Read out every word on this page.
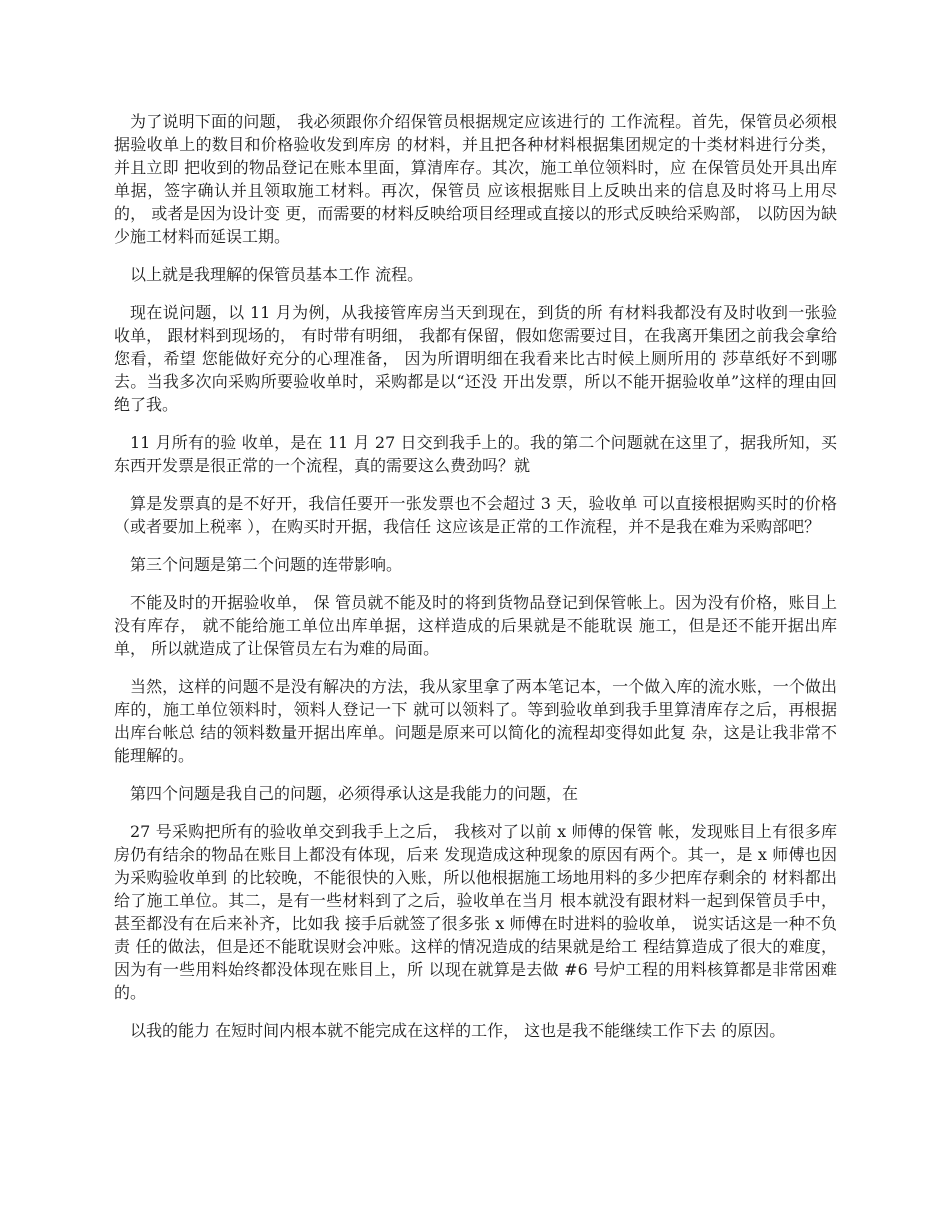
为了说明下面的问题， 我必须跟你介绍保管员根据规定应该进行的 工作流程。首先，保管员必须根据验收单上的数目和价格验收发到库房 的材料，并且把各种材料根据集团规定的十类材料进行分类，并且立即 把收到的物品登记在账本里面，算清库存。其次，施工单位领料时，应 在保管员处开具出库单据，签字确认并且领取施工材料。再次，保管员 应该根据账目上反映出来的信息及时将马上用尽的， 或者是因为设计变 更，而需要的材料反映给项目经理或直接以的形式反映给采购部， 以防因为缺少施工材料而延误工期。

以上就是我理解的保管员基本工作 流程。

现在说问题，以 11 月为例，从我接管库房当天到现在，到货的所 有材料我都没有及时收到一张验收单， 跟材料到现场的， 有时带有明细， 我都有保留，假如您需要过目，在我离开集团之前我会拿给您看，希望 您能做好充分的心理准备， 因为所谓明细在我看来比古时候上厕所用的 莎草纸好不到哪去。当我多次向采购所要验收单时，采购都是以“还没 开出发票，所以不能开据验收单”这样的理由回绝了我。

11 月所有的验 收单，是在 11 月 27 日交到我手上的。我的第二个问题就在这里了，据我所知，买东西开发票是很正常的一个流程，真的需要这么费劲吗？就

算是发票真的是不好开，我信任要开一张发票也不会超过 3 天，验收单 可以直接根据购买时的价格 （或者要加上税率 ），在购买时开据，我信任 这应该是正常的工作流程，并不是我在难为采购部吧？

第三个问题是第二个问题的连带影响。

不能及时的开据验收单， 保 管员就不能及时的将到货物品登记到保管帐上。因为没有价格，账目上 没有库存， 就不能给施工单位出库单据，这样造成的后果就是不能耽误 施工，但是还不能开据出库单， 所以就造成了让保管员左右为难的局面。

当然，这样的问题不是没有解决的方法，我从家里拿了两本笔记本，一个做入库的流水账，一个做出库的，施工单位领料时，领料人登记一下 就可以领料了。等到验收单到我手里算清库存之后，再根据出库台帐总 结的领料数量开据出库单。问题是原来可以简化的流程却变得如此复 杂，这是让我非常不能理解的。

第四个问题是我自己的问题，必须得承认这是我能力的问题，在

27 号采购把所有的验收单交到我手上之后， 我核对了以前 x 师傅的保管 帐，发现账目上有很多库房仍有结余的物品在账目上都没有体现，后来 发现造成这种现象的原因有两个。其一，是 x 师傅也因为采购验收单到 的比较晚，不能很快的入账，所以他根据施工场地用料的多少把库存剩余的 材料都出给了施工单位。其二，是有一些材料到了之后，验收单在当月 根本就没有跟材料一起到保管员手中，甚至都没有在后来补齐，比如我 接手后就签了很多张 x 师傅在时进料的验收单， 说实话这是一种不负责 任的做法，但是还不能耽误财会冲账。这样的情况造成的结果就是给工 程结算造成了很大的难度，因为有一些用料始终都没体现在账目上，所 以现在就算是去做 #6 号炉工程的用料核算都是非常困难的。

以我的能力 在短时间内根本就不能完成在这样的工作， 这也是我不能继续工作下去 的原因。
